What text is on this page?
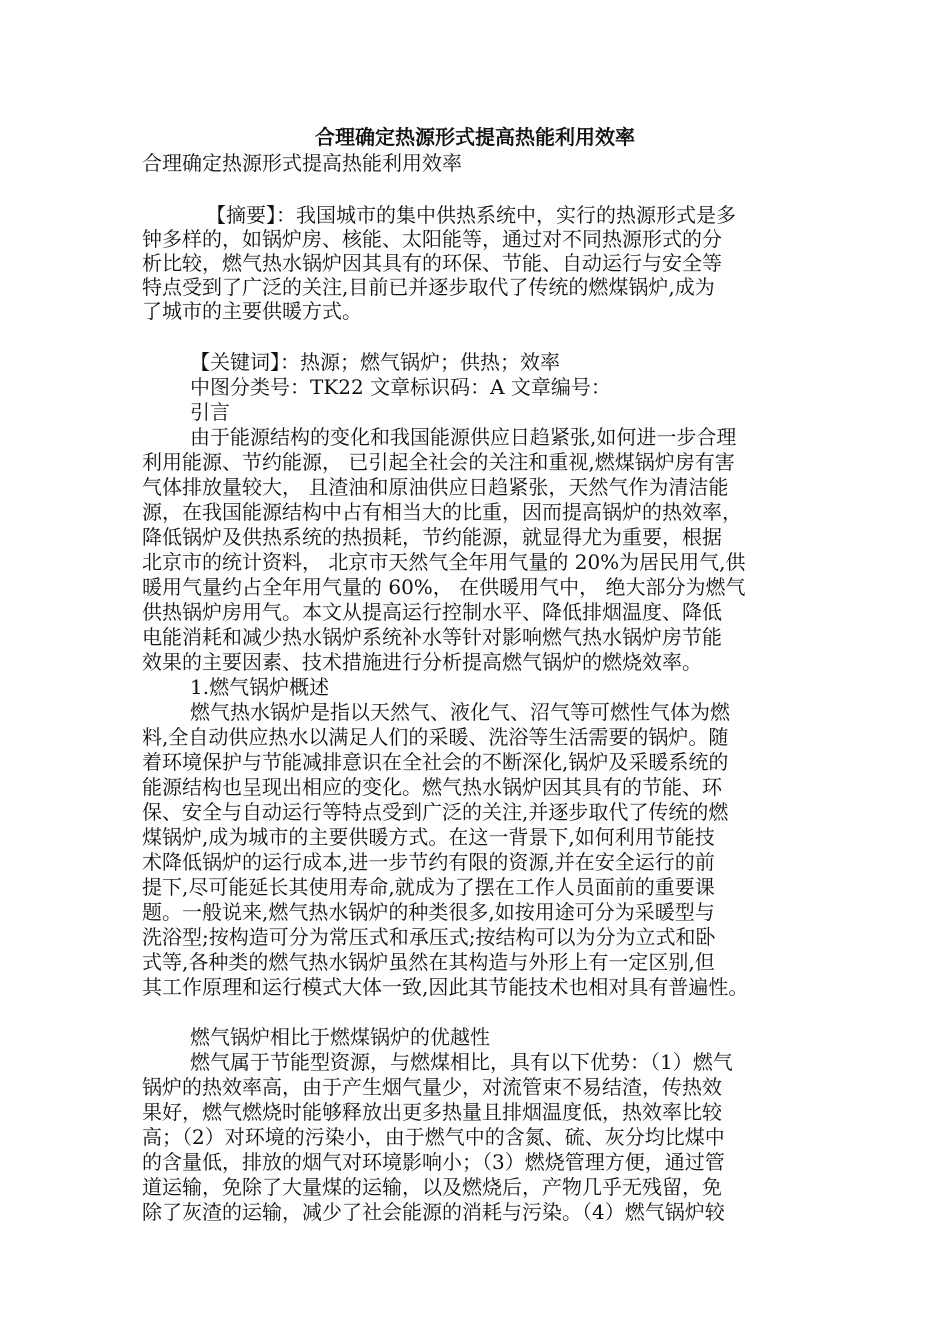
合理确定热源形式提高热能利用效率

合理确定热源形式提高热能利用效率

【摘要】：我国城市的集中供热系统中，实行的热源形式是多

钟多样的，如锅炉房、核能、太阳能等，通过对不同热源形式的分

析比较，燃气热水锅炉因其具有的环保、节能、自动运行与安全等

特点受到了广泛的关注,目前已并逐步取代了传统的燃煤锅炉,成为

了城市的主要供暖方式。

【关键词】：热源；燃气锅炉；供热；效率

中图分类号：TK22 文章标识码：A 文章编号：

引言

由于能源结构的变化和我国能源供应日趋紧张,如何进一步合理

利用能源、节约能源， 已引起全社会的关注和重视,燃煤锅炉房有害

气体排放量较大， 且渣油和原油供应日趋紧张，天然气作为清洁能

源，在我国能源结构中占有相当大的比重，因而提高锅炉的热效率，

降低锅炉及供热系统的热损耗，节约能源，就显得尤为重要，根据

北京市的统计资料， 北京市天然气全年用气量的 20%为居民用气,供

暖用气量约占全年用气量的 60%， 在供暖用气中， 绝大部分为燃气

供热锅炉房用气。本文从提高运行控制水平、降低排烟温度、降低

电能消耗和减少热水锅炉系统补水等针对影响燃气热水锅炉房节能

效果的主要因素、技术措施进行分析提高燃气锅炉的燃烧效率。

1.燃气锅炉概述

燃气热水锅炉是指以天然气、液化气、沼气等可燃性气体为燃

料,全自动供应热水以满足人们的采暖、洗浴等生活需要的锅炉。随

着环境保护与节能减排意识在全社会的不断深化,锅炉及采暖系统的

能源结构也呈现出相应的变化。燃气热水锅炉因其具有的节能、环

保、安全与自动运行等特点受到广泛的关注,并逐步取代了传统的燃

煤锅炉,成为城市的主要供暖方式。在这一背景下,如何利用节能技

术降低锅炉的运行成本,进一步节约有限的资源,并在安全运行的前

提下,尽可能延长其使用寿命,就成为了摆在工作人员面前的重要课

题。一般说来,燃气热水锅炉的种类很多,如按用途可分为采暖型与

洗浴型;按构造可分为常压式和承压式;按结构可以为分为立式和卧

式等,各种类的燃气热水锅炉虽然在其构造与外形上有一定区别,但

其工作原理和运行模式大体一致,因此其节能技术也相对具有普遍性。

燃气锅炉相比于燃煤锅炉的优越性

燃气属于节能型资源，与燃煤相比，具有以下优势：（1）燃气

锅炉的热效率高，由于产生烟气量少，对流管束不易结渣，传热效

果好，燃气燃烧时能够释放出更多热量且排烟温度低，热效率比较

高；（2）对环境的污染小，由于燃气中的含氮、硫、灰分均比煤中

的含量低，排放的烟气对环境影响小；（3）燃烧管理方便，通过管

道运输，免除了大量煤的运输，以及燃烧后，产物几乎无残留，免

除了灰渣的运输，减少了社会能源的消耗与污染。（4）燃气锅炉较
